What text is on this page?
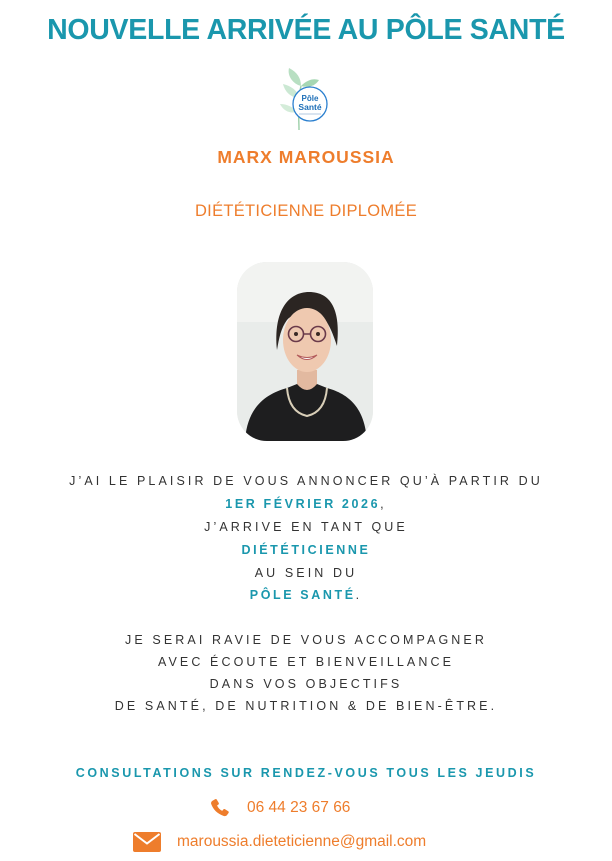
NOUVELLE ARRIVÉE AU PÔLE SANTÉ
Pôle
Santé
MARX MAROUSSIA
DIÉTÉTICIENNE DIPLOMÉE
J’AI LE PLAISIR DE VOUS ANNONCER QU’À PARTIR DU
1ER FÉVRIER 2026,
J’ARRIVE EN TANT QUE
DIÉTÉTICIENNE
AU SEIN DU
PÔLE SANTÉ.
JE SERAI RAVIE DE VOUS ACCOMPAGNER
AVEC ÉCOUTE ET BIENVEILLANCE
DANS VOS OBJECTIFS
DE SANTÉ, DE NUTRITION & DE BIEN-ÊTRE.
CONSULTATIONS SUR RENDEZ-VOUS TOUS LES JEUDIS
06 44 23 67 66
maroussia.dieteticienne@gmail.com
